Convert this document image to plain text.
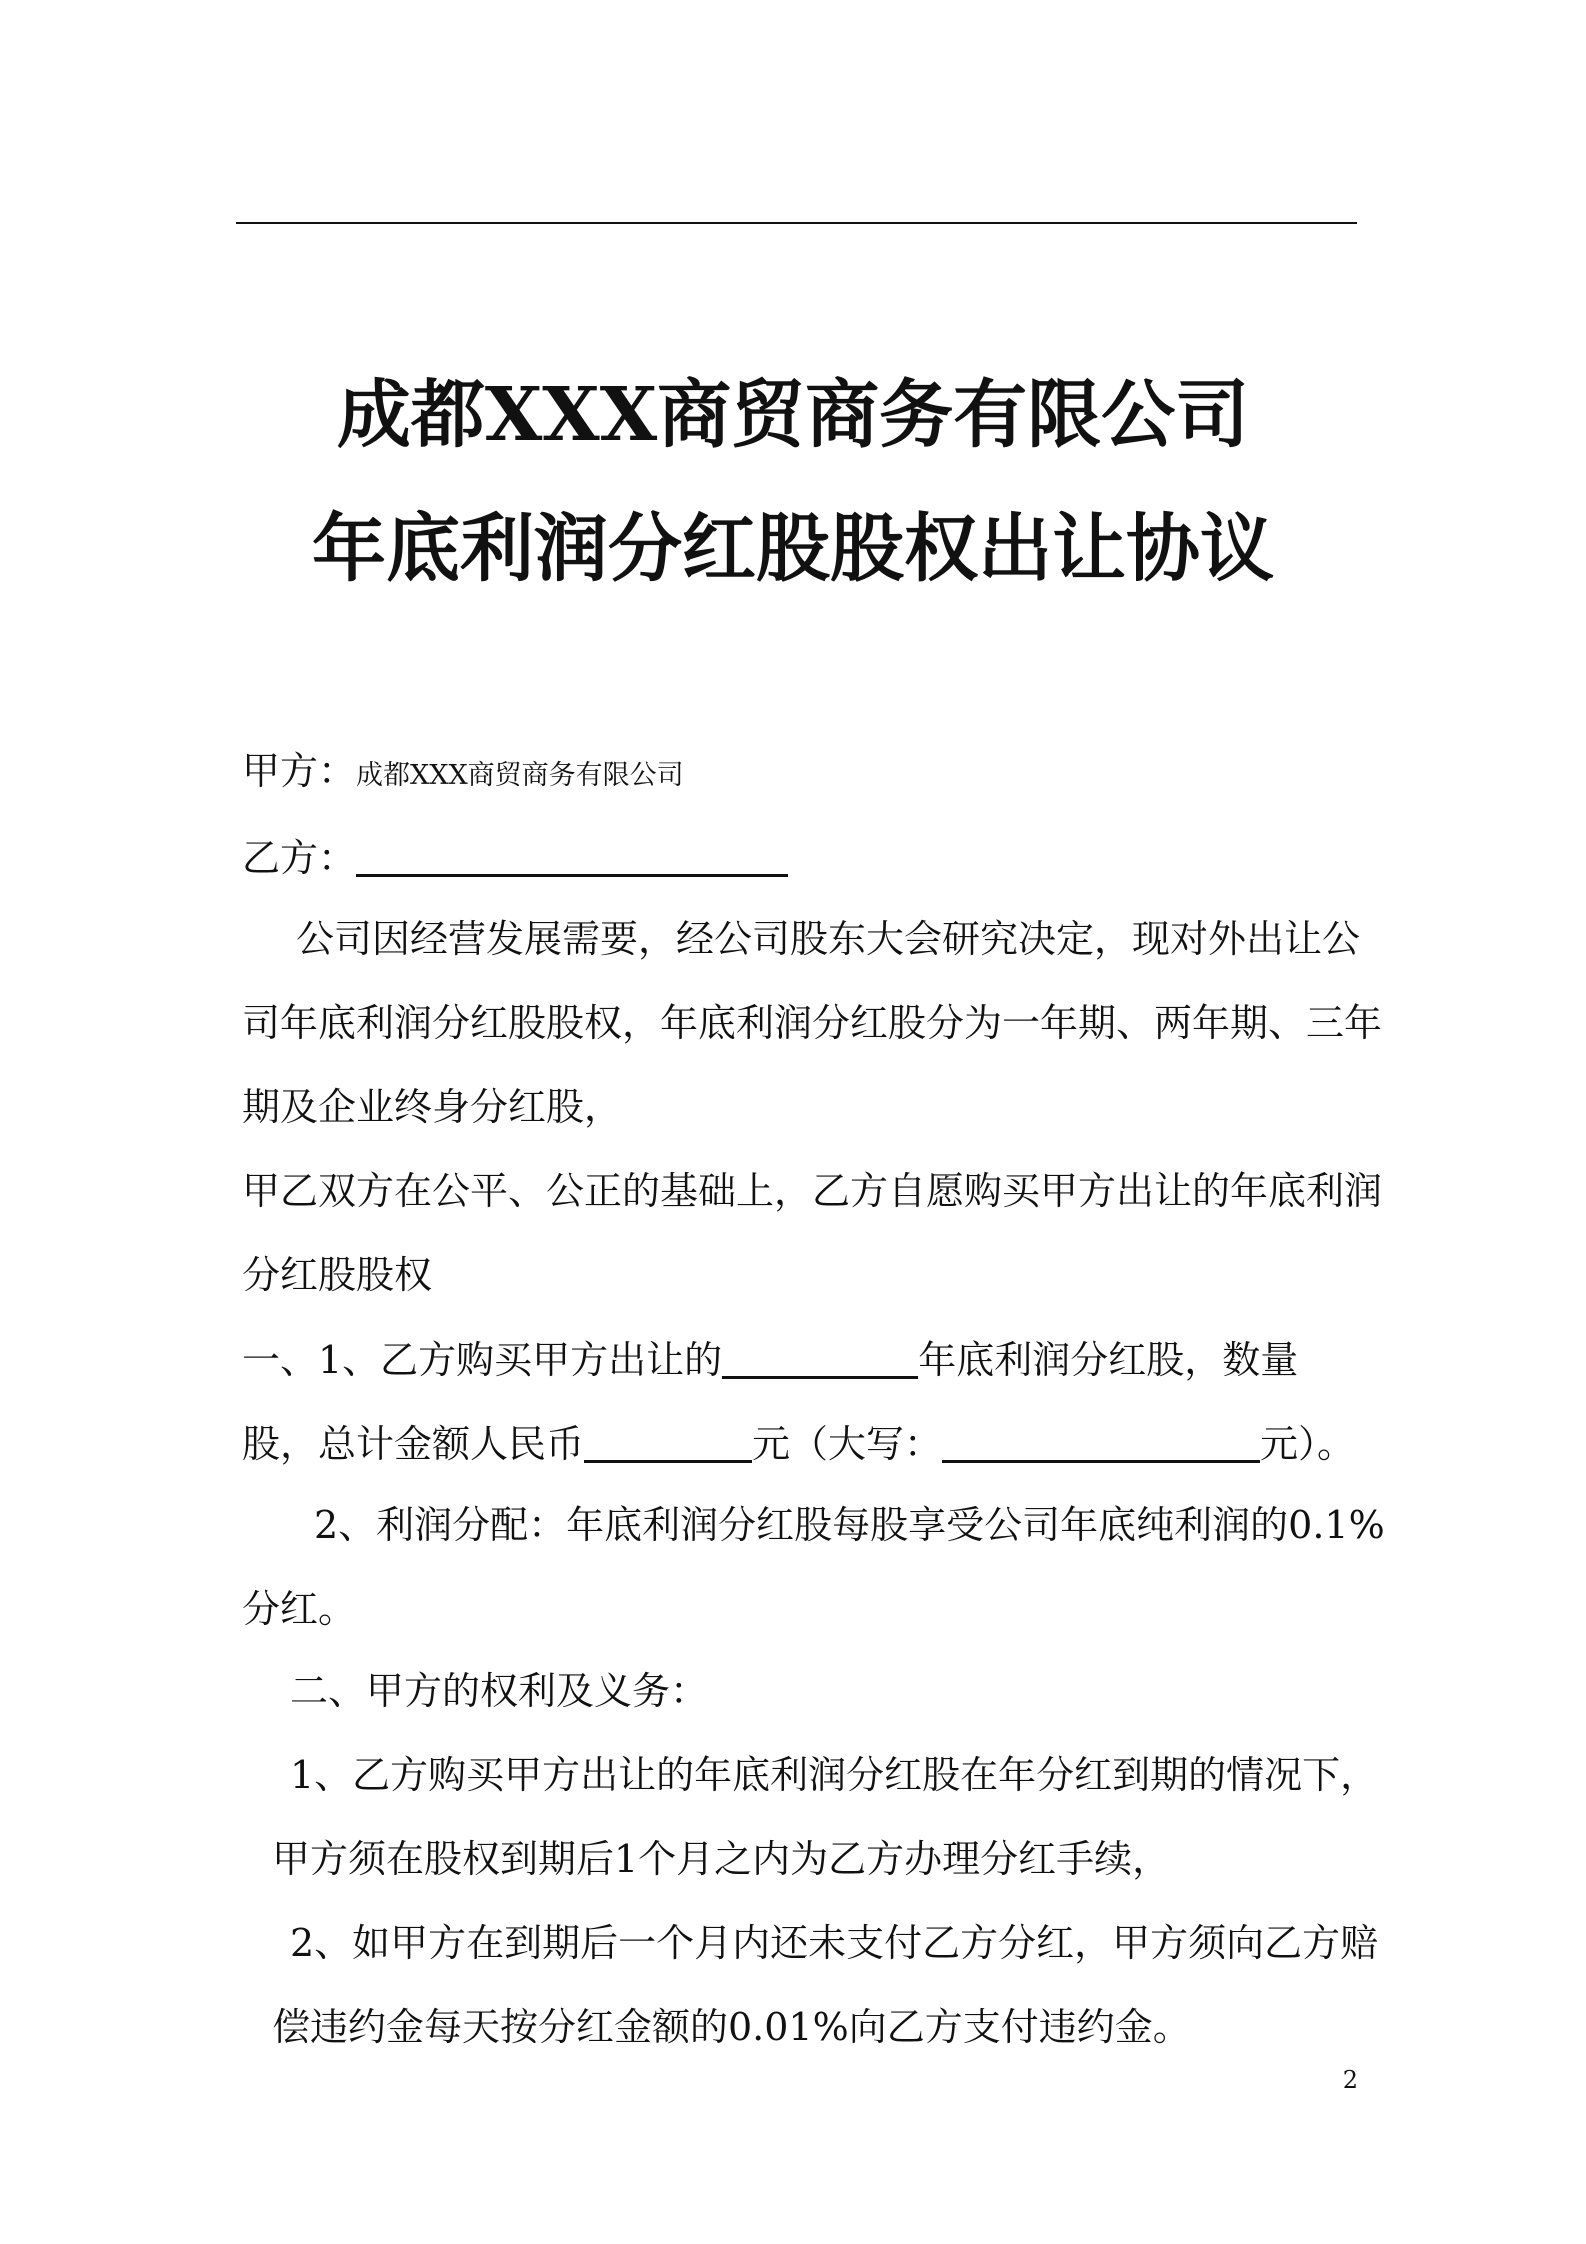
成都XXX商贸商务有限公司
年底利润分红股股权出让协议
甲方：成都XXX商贸商务有限公司
乙方：
公司因经营发展需要，经公司股东大会研究决定，现对外出让公
司年底利润分红股股权，年底利润分红股分为一年期、两年期、三年
期及企业终身分红股，
甲乙双方在公平、公正的基础上，乙方自愿购买甲方出让的年底利润
分红股股权
一、1、乙方购买甲方出让的	年底利润分红股，数量
股，总计金额人民币	元（大写：	元）。
2、利润分配：年底利润分红股每股享受公司年底纯利润的0.1%
分红。
二、甲方的权利及义务：
1、乙方购买甲方出让的年底利润分红股在年分红到期的情况下，
甲方须在股权到期后1个月之内为乙方办理分红手续，
2、如甲方在到期后一个月内还未支付乙方分红，甲方须向乙方赔
偿违约金每天按分红金额的0.01%向乙方支付违约金。
2
